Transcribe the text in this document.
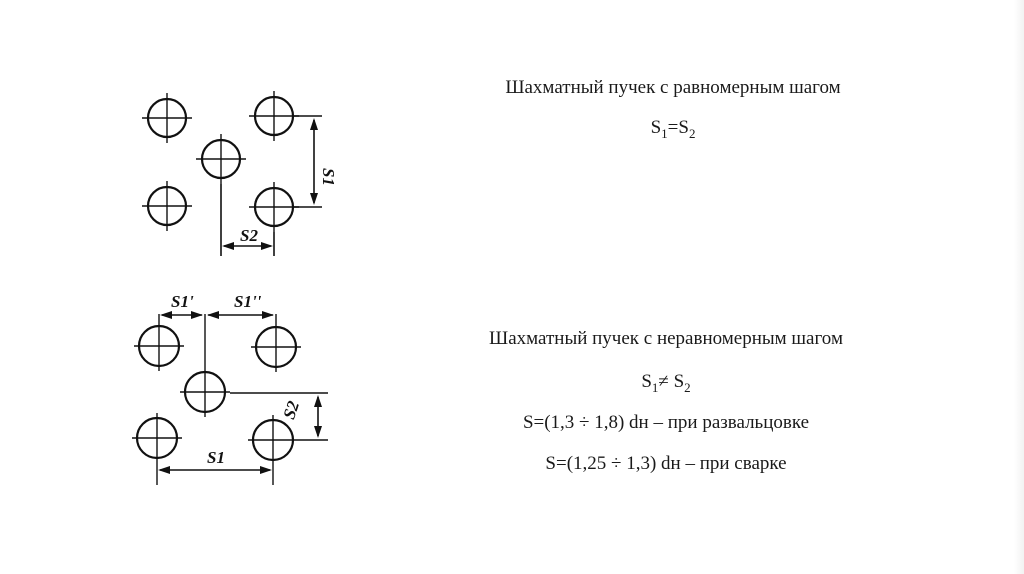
S2
S1
S1' S1''
S2
S1
Шахматный пучек с равномерным шагом
$S_1=S_2$
Шахматный пучек с неравномерным шагом
$S_1\ne S_2$
S=(1,3 ÷ 1,8) dн – при развальцовке
S=(1,25 ÷ 1,3) dн – при сварке
